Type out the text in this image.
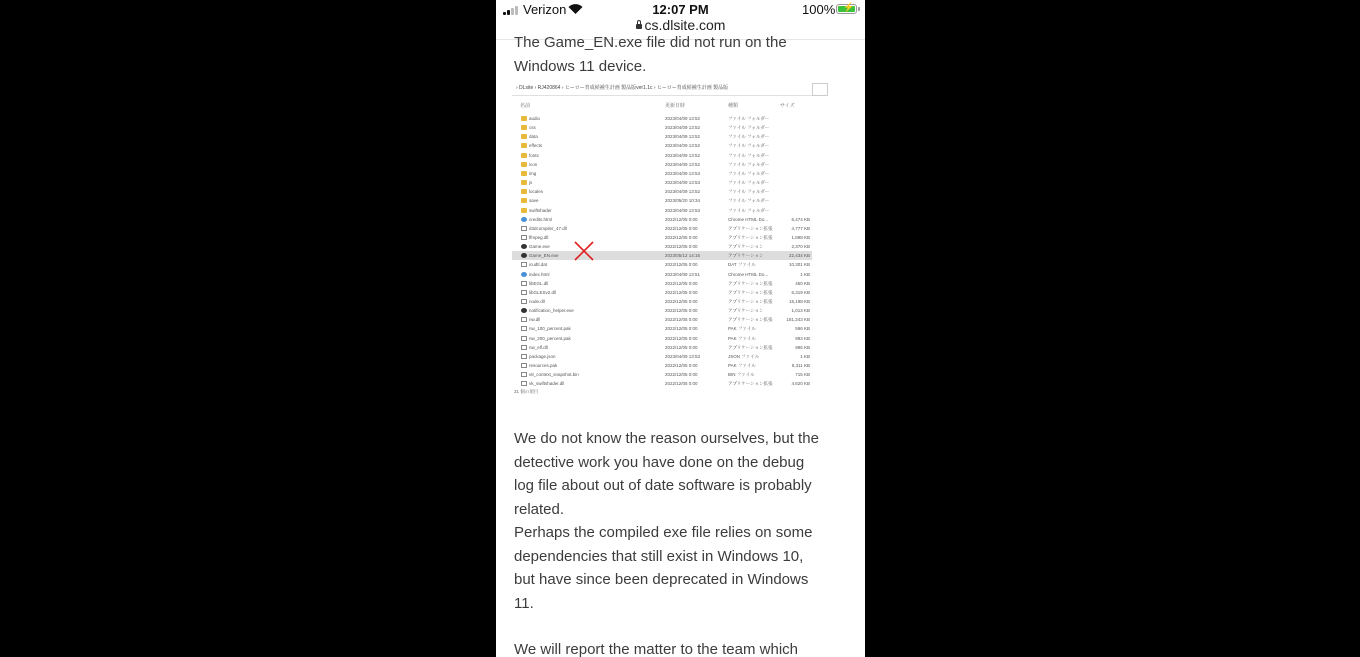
Verizon	12:07 PM	100%
⚡
cs.dlsite.com

The Game_EN.exe file did not run on the Windows 11 device.

We do not know the reason ourselves, but the detective work you have done on the debug log file about out of date software is probably related.

Perhaps the compiled exe file relies on some dependencies that still exist in Windows 10, but have since been deprecated in Windows 11.

We will report the matter to the team which

› DLsite › RJ420864 › ヒーロー育成候補生計画 製品版ver1.1c › ヒーロー育成候補生計画 製品版
名前	更新日時	種類	サイズ
audio	2023/04/09 13:52	ファイル フォルダー
css	2023/04/09 13:52	ファイル フォルダー
data	2023/04/09 13:52	ファイル フォルダー
effects	2023/04/09 13:52	ファイル フォルダー
fonts	2023/04/09 13:52	ファイル フォルダー
icon	2023/04/09 13:52	ファイル フォルダー
img	2023/04/09 13:53	ファイル フォルダー
js	2023/04/09 13:53	ファイル フォルダー
locales	2023/04/09 13:52	ファイル フォルダー
save	2023/05/20 10:34	ファイル フォルダー
swiftshader	2023/04/09 13:53	ファイル フォルダー
credits.html	2022/12/05 0:00	Chrome HTML Do...	6,474 KB
d3dcompiler_47.dll	2022/12/05 0:00	アプリケーション拡張	4,777 KB
ffmpeg.dll	2022/12/05 0:00	アプリケーション拡張	1,898 KB
Game.exe	2022/12/05 0:00	アプリケーション	2,370 KB
Game_EN.exe	2023/05/12 14:15	アプリケーション	22,434 KB
icudtl.dat	2022/12/05 0:00	DAT ファイル	10,301 KB
index.html	2023/04/09 13:51	Chrome HTML Do...	1 KB
libEGL.dll	2022/12/05 0:00	アプリケーション拡張	450 KB
libGLESv2.dll	2022/12/05 0:00	アプリケーション拡張	6,319 KB
node.dll	2022/12/05 0:00	アプリケーション拡張	15,198 KB
notification_helper.exe	2022/12/05 0:00	アプリケーション	1,013 KB
nw.dll	2022/12/05 0:00	アプリケーション拡張	181,243 KB
nw_100_percent.pak	2022/12/05 0:00	PAK ファイル	596 KB
nw_200_percent.pak	2022/12/05 0:00	PAK ファイル	993 KB
nw_elf.dll	2022/12/05 0:00	アプリケーション拡張	996 KB
package.json	2023/04/09 13:53	JSON ファイル	1 KB
resources.pak	2022/12/05 0:00	PAK ファイル	8,311 KB
v8_context_snapshot.bin	2022/12/05 0:00	BIN ファイル	715 KB
vk_swiftshader.dll	2022/12/05 0:00	アプリケーション拡張	4,620 KB
31 個の項目
